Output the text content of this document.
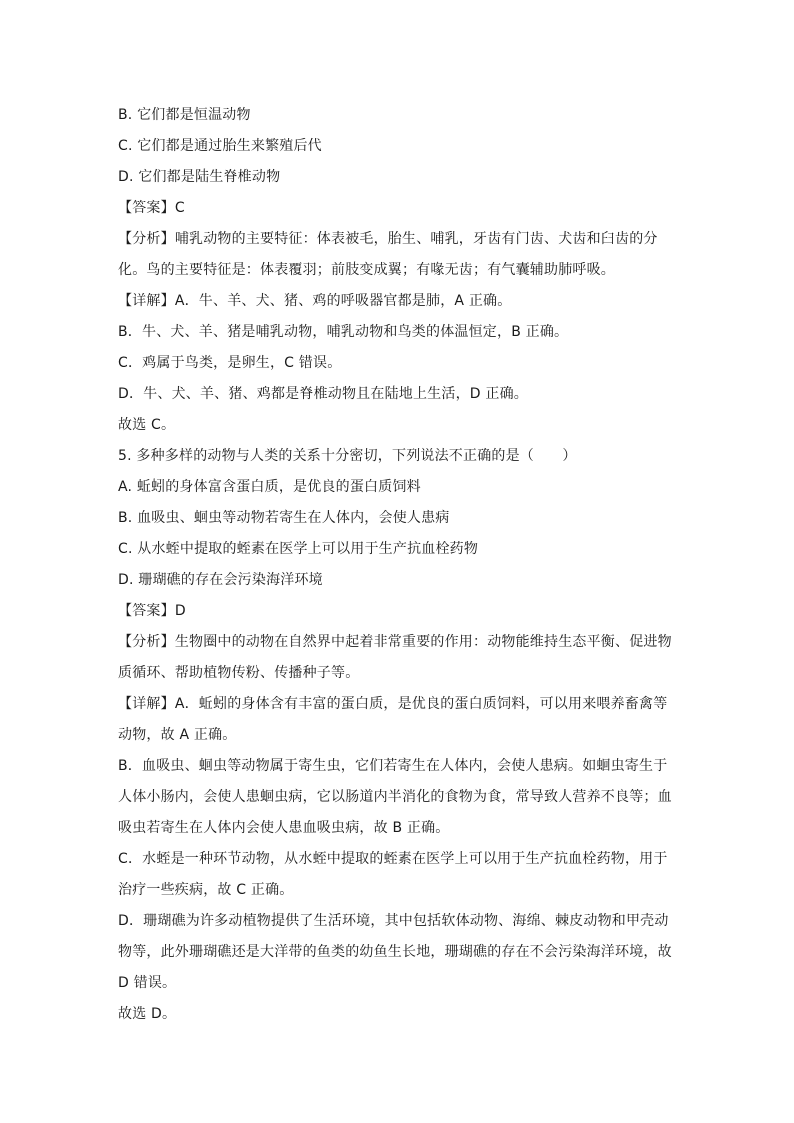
B. 它们都是恒温动物
C. 它们都是通过胎生来繁殖后代
D. 它们都是陆生脊椎动物
【答案】C
【分析】哺乳动物的主要特征：体表被毛，胎生、哺乳，牙齿有门齿、犬齿和臼齿的分
化。鸟的主要特征是：体表覆羽；前肢变成翼；有喙无齿；有气囊辅助肺呼吸。
【详解】A．牛、羊、犬、猪、鸡的呼吸器官都是肺，A 正确。
B．牛、犬、羊、猪是哺乳动物，哺乳动物和鸟类的体温恒定，B 正确。
C．鸡属于鸟类，是卵生，C 错误。
D．牛、犬、羊、猪、鸡都是脊椎动物且在陆地上生活，D 正确。
故选 C。
5. 多种多样的动物与人类的关系十分密切，下列说法不正确的是（　　）
A. 蚯蚓的身体富含蛋白质，是优良的蛋白质饲料
B. 血吸虫、蛔虫等动物若寄生在人体内，会使人患病
C. 从水蛭中提取的蛭素在医学上可以用于生产抗血栓药物
D. 珊瑚礁的存在会污染海洋环境
【答案】D
【分析】生物圈中的动物在自然界中起着非常重要的作用：动物能维持生态平衡、促进物
质循环、帮助植物传粉、传播种子等。
【详解】A．蚯蚓的身体含有丰富的蛋白质，是优良的蛋白质饲料，可以用来喂养畜禽等
动物，故 A 正确。
B．血吸虫、蛔虫等动物属于寄生虫，它们若寄生在人体内，会使人患病。如蛔虫寄生于
人体小肠内，会使人患蛔虫病，它以肠道内半消化的食物为食，常导致人营养不良等；血
吸虫若寄生在人体内会使人患血吸虫病，故 B 正确。
C．水蛭是一种环节动物，从水蛭中提取的蛭素在医学上可以用于生产抗血栓药物，用于
治疗一些疾病，故 C 正确。
D．珊瑚礁为许多动植物提供了生活环境，其中包括软体动物、海绵、棘皮动物和甲壳动
物等，此外珊瑚礁还是大洋带的鱼类的幼鱼生长地，珊瑚礁的存在不会污染海洋环境，故
D 错误。
故选 D。
